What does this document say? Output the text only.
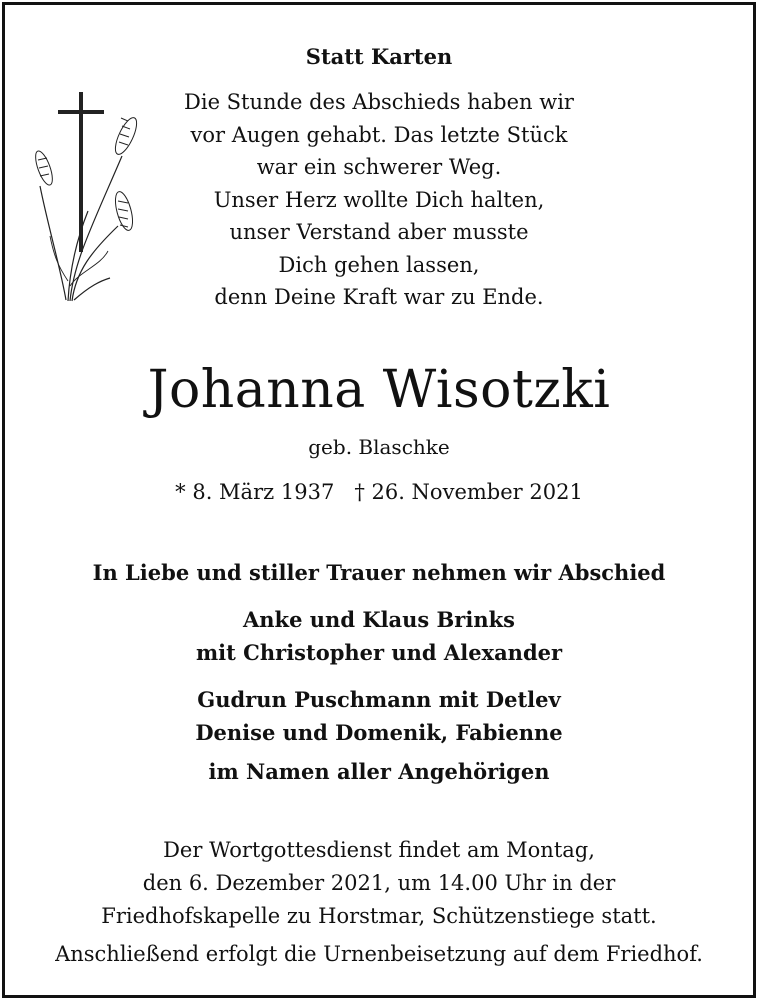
Statt Karten
Die Stunde des Abschieds haben wir
vor Augen gehabt. Das letzte Stück
war ein schwerer Weg.
Unser Herz wollte Dich halten,
unser Verstand aber musste
Dich gehen lassen,
denn Deine Kraft war zu Ende.
Johanna Wisotzki
geb. Blaschke
* 8. März 1937 † 26. November 2021
In Liebe und stiller Trauer nehmen wir Abschied
Anke und Klaus Brinks
mit Christopher und Alexander
Gudrun Puschmann mit Detlev
Denise und Domenik, Fabienne
im Namen aller Angehörigen
Der Wortgottesdienst findet am Montag,
den 6. Dezember 2021, um 14.00 Uhr in der
Friedhofskapelle zu Horstmar, Schützenstiege statt.
Anschließend erfolgt die Urnenbeisetzung auf dem Friedhof.
